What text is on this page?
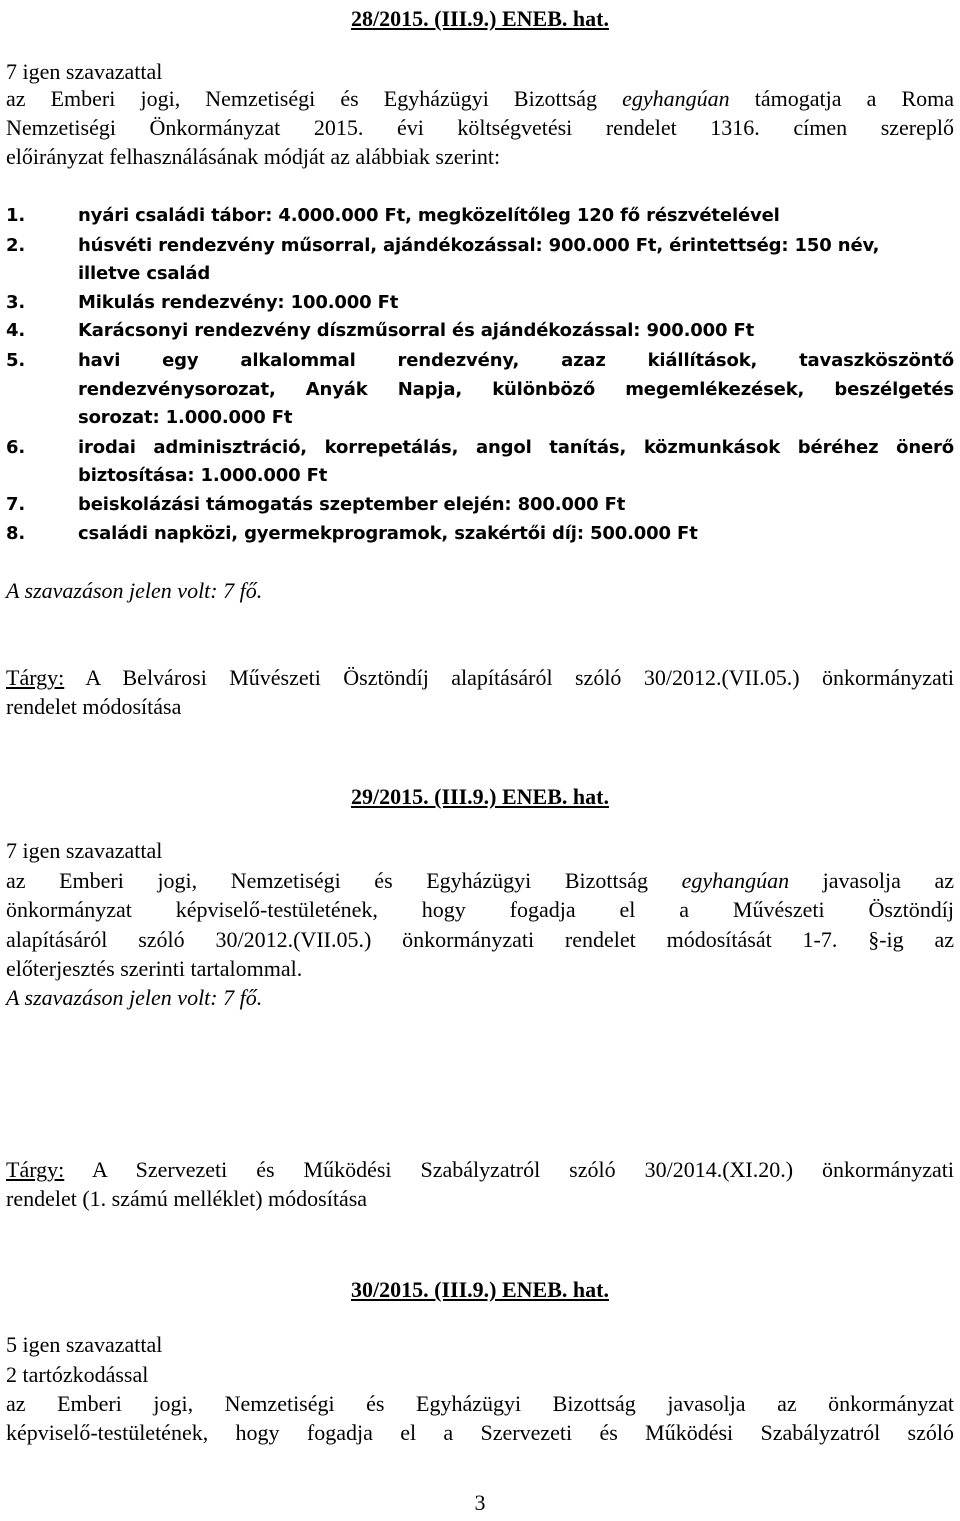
28/2015. (III.9.) ENEB. hat.
7 igen szavazattal
az Emberi jogi, Nemzetiségi és Egyházügyi Bizottság egyhangúan támogatja a Roma
Nemzetiségi Önkormányzat 2015. évi költségvetési rendelet 1316. címen szereplő
előirányzat felhasználásának módját az alábbiak szerint:
1.	nyári családi tábor: 4.000.000 Ft, megközelítőleg 120 fő részvételével
2.	húsvéti rendezvény műsorral, ajándékozással: 900.000 Ft, érintettség: 150 név,
illetve család
3.	Mikulás rendezvény: 100.000 Ft
4.	Karácsonyi rendezvény díszműsorral és ajándékozással: 900.000 Ft
5.	havi egy alkalommal rendezvény, azaz kiállítások, tavaszköszöntő
rendezvénysorozat, Anyák Napja, különböző megemlékezések, beszélgetés
sorozat: 1.000.000 Ft
6.	irodai adminisztráció, korrepetálás, angol tanítás, közmunkások béréhez önerő
biztosítása: 1.000.000 Ft
7.	beiskolázási támogatás szeptember elején: 800.000 Ft
8.	családi napközi, gyermekprogramok, szakértői díj: 500.000 Ft
A szavazáson jelen volt: 7 fő.
Tárgy: A Belvárosi Művészeti Ösztöndíj alapításáról szóló 30/2012.(VII.05.) önkormányzati
rendelet módosítása
29/2015. (III.9.) ENEB. hat.
7 igen szavazattal
az Emberi jogi, Nemzetiségi és Egyházügyi Bizottság egyhangúan javasolja az
önkormányzat képviselő-testületének, hogy fogadja el a Művészeti Ösztöndíj
alapításáról szóló 30/2012.(VII.05.) önkormányzati rendelet módosítását 1-7. §-ig az
előterjesztés szerinti tartalommal.
A szavazáson jelen volt: 7 fő.
Tárgy: A Szervezeti és Működési Szabályzatról szóló 30/2014.(XI.20.) önkormányzati
rendelet (1. számú melléklet) módosítása
30/2015. (III.9.) ENEB. hat.
5 igen szavazattal
2 tartózkodással
az Emberi jogi, Nemzetiségi és Egyházügyi Bizottság javasolja az önkormányzat
képviselő-testületének, hogy fogadja el a Szervezeti és Működési Szabályzatról szóló
3
